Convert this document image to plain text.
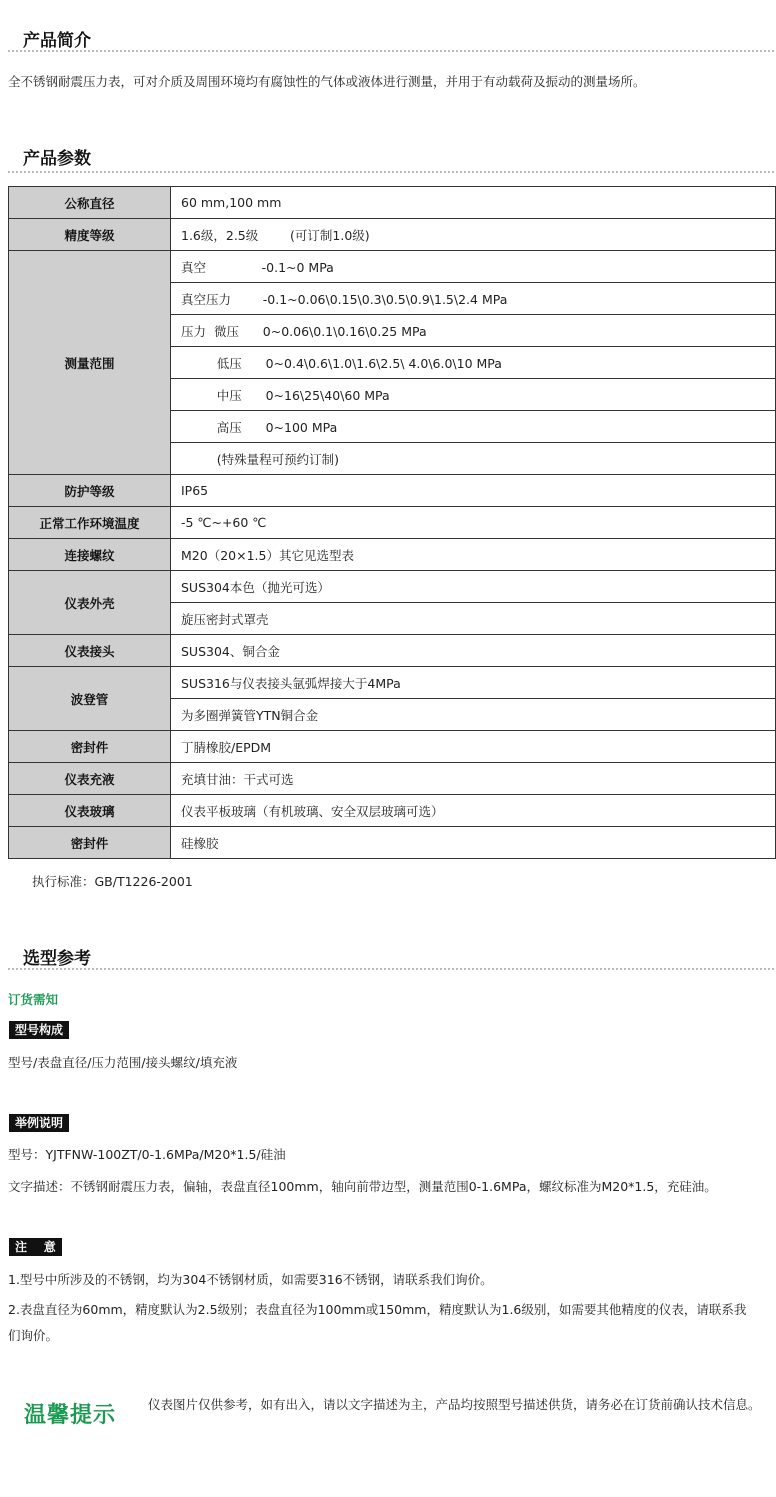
产品简介
全不锈钢耐震压力表，可对介质及周围环境均有腐蚀性的气体或液体进行测量，并用于有动载荷及振动的测量场所。
产品参数
公称直径	60 mm,100 mm
精度等级	1.6级，2.5级        (可订制1.0级)
测量范围	真空              -0.1~0 MPa
	真空压力        -0.1~0.06\0.15\0.3\0.5\0.9\1.5\2.4 MPa
	压力  微压      0~0.06\0.1\0.16\0.25 MPa
	低压      0~0.4\0.6\1.0\1.6\2.5\ 4.0\6.0\10 MPa
	中压      0~16\25\40\60 MPa
	高压      0~100 MPa
	(特殊量程可预约订制)
防护等级	IP65
正常工作环境温度	-5 ℃~+60 ℃
连接螺纹	M20（20×1.5）其它见选型表
仪表外壳	SUS304本色（抛光可选）
	旋压密封式罩壳
仪表接头	SUS304、铜合金
波登管	SUS316与仪表接头氩弧焊接大于4MPa
	为多圈弹簧管YTN铜合金
密封件	丁腈橡胶/EPDM
仪表充液	充填甘油：干式可选
仪表玻璃	仪表平板玻璃（有机玻璃、安全双层玻璃可选）
密封件	硅橡胶
执行标准：GB/T1226-2001
选型参考
订货需知
型号构成
型号/表盘直径/压力范围/接头螺纹/填充液
举例说明
型号：YJTFNW-100ZT/0-1.6MPa/M20*1.5/硅油
文字描述：不锈钢耐震压力表，偏轴，表盘直径100mm，轴向前带边型，测量范围0-1.6MPa，螺纹标准为M20*1.5，充硅油。
注    意
1.型号中所涉及的不锈钢，均为304不锈钢材质，如需要316不锈钢，请联系我们询价。
2.表盘直径为60mm，精度默认为2.5级别；表盘直径为100mm或150mm，精度默认为1.6级别，如需要其他精度的仪表，请联系我
们询价。
温馨提示	仪表图片仅供参考，如有出入，请以文字描述为主，产品均按照型号描述供货，请务必在订货前确认技术信息。
